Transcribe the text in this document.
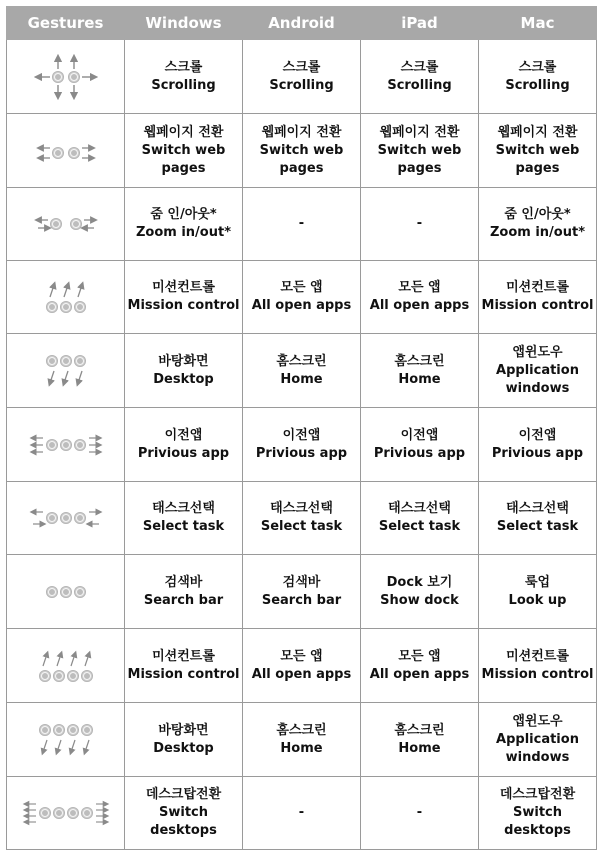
Gestures	Windows	Android	iPad	Mac

	스크롤
Scrolling	스크롤
Scrolling	스크롤
Scrolling	스크롤
Scrolling

	웹페이지 전환
Switch web
pages	웹페이지 전환
Switch web
pages	웹페이지 전환
Switch web
pages	웹페이지 전환
Switch web
pages

	줌 인/아웃*
Zoom in/out*	-	-	줌 인/아웃*
Zoom in/out*

	미션컨트롤
Mission control	모든 앱
All open apps	모든 앱
All open apps	미션컨트롤
Mission control

	바탕화면
Desktop	홈스크린
Home	홈스크린
Home	앱윈도우
Application
windows

	이전앱
Privious app	이전앱
Privious app	이전앱
Privious app	이전앱
Privious app

	태스크선택
Select task	태스크선택
Select task	태스크선택
Select task	태스크선택
Select task

	검색바
Search bar	검색바
Search bar	Dock 보기
Show dock	룩업
Look up

	미션컨트롤
Mission control	모든 앱
All open apps	모든 앱
All open apps	미션컨트롤
Mission control

	바탕화면
Desktop	홈스크린
Home	홈스크린
Home	앱윈도우
Application
windows

	데스크탑전환
Switch
desktops	-	-	데스크탑전환
Switch
desktops
